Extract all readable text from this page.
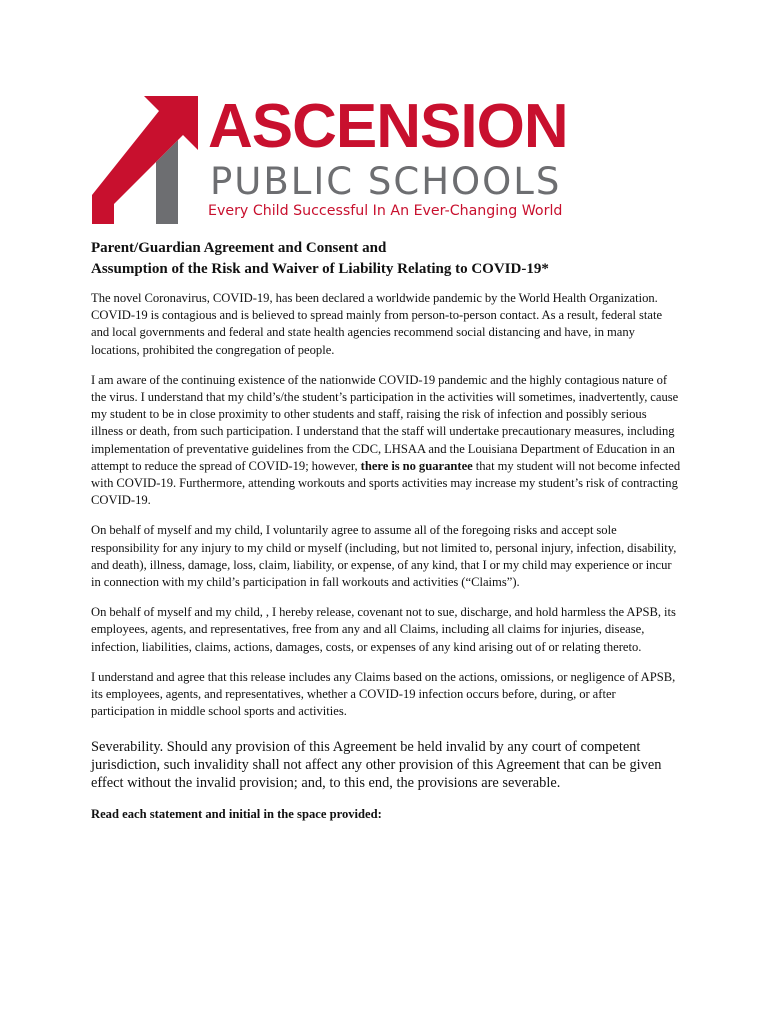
ASCENSION
PUBLIC SCHOOLS
Every Child Successful In An Ever-Changing World
Parent/Guardian Agreement and Consent and
Assumption of the Risk and Waiver of Liability Relating to COVID-19*

The novel Coronavirus, COVID-19, has been declared a worldwide pandemic by the World Health Organization. COVID-19 is contagious and is believed to spread mainly from person-to-person contact. As a result, federal state and local governments and federal and state health agencies recommend social distancing and have, in many locations, prohibited the congregation of people.

I am aware of the continuing existence of the nationwide COVID-19 pandemic and the highly contagious nature of the virus. I understand that my child’s/the student’s participation in the activities will sometimes, inadvertently, cause my student to be in close proximity to other students and staff, raising the risk of infection and possibly serious illness or death, from such participation. I understand that the staff will undertake precautionary measures, including implementation of preventative guidelines from the CDC, LHSAA and the Louisiana Department of Education in an attempt to reduce the spread of COVID-19; however, there is no guarantee that my student will not become infected with COVID-19. Furthermore, attending workouts and sports activities may increase my student’s risk of contracting COVID-19.

On behalf of myself and my child, I voluntarily agree to assume all of the foregoing risks and accept sole responsibility for any injury to my child or myself (including, but not limited to, personal injury, infection, disability, and death), illness, damage, loss, claim, liability, or expense, of any kind, that I or my child may experience or incur in connection with my child’s participation in fall workouts and activities (“Claims”).

On behalf of myself and my child, , I hereby release, covenant not to sue, discharge, and hold harmless the APSB, its employees, agents, and representatives, free from any and all Claims, including all claims for injuries, disease, infection, liabilities, claims, actions, damages, costs, or expenses of any kind arising out of or relating thereto.

I understand and agree that this release includes any Claims based on the actions, omissions, or negligence of APSB, its employees, agents, and representatives, whether a COVID-19 infection occurs before, during, or after participation in middle school sports and activities.

Severability. Should any provision of this Agreement be held invalid by any court of competent jurisdiction, such invalidity shall not affect any other provision of this Agreement that can be given effect without the invalid provision; and, to this end, the provisions are severable.

Read each statement and initial in the space provided:
